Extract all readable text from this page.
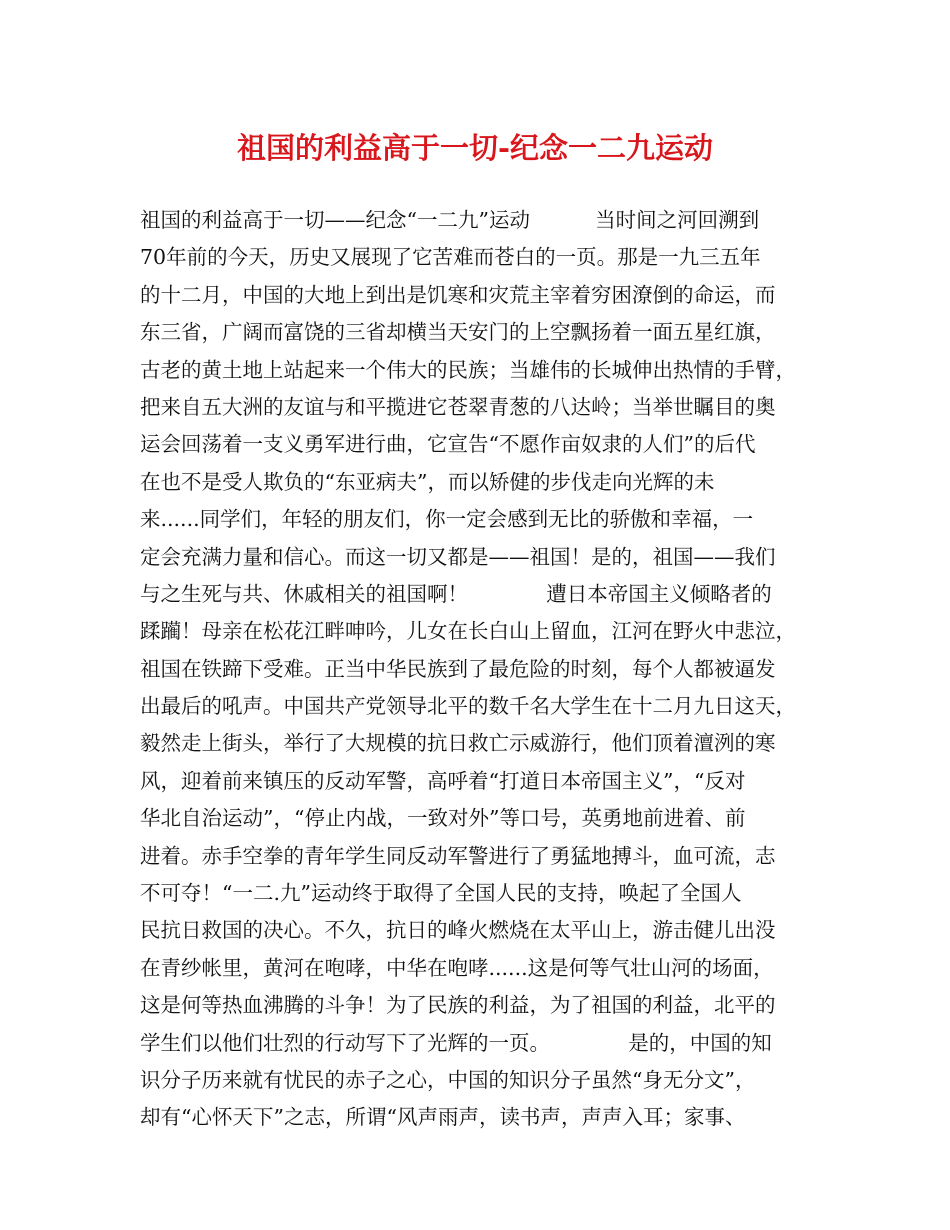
祖国的利益高于一切-纪念一二九运动
祖国的利益高于一切——纪念“一二九”运动          当时间之河回溯到
70年前的今天，历史又展现了它苦难而苍白的一页。那是一九三五年
的十二月，中国的大地上到出是饥寒和灾荒主宰着穷困潦倒的命运，而
东三省，广阔而富饶的三省却横当天安门的上空飘扬着一面五星红旗，
古老的黄土地上站起来一个伟大的民族；当雄伟的长城伸出热情的手臂，
把来自五大洲的友谊与和平揽进它苍翠青葱的八达岭；当举世瞩目的奥
运会回荡着一支义勇军进行曲，它宣告“不愿作亩奴隶的人们”的后代
在也不是受人欺负的“东亚病夫”，而以矫健的步伐走向光辉的未
来......同学们，年轻的朋友们，你一定会感到无比的骄傲和幸福，一
定会充满力量和信心。而这一切又都是——祖国！是的，祖国——我们
与之生死与共、休戚相关的祖国啊！            遭日本帝国主义倾略者的
蹂躏！母亲在松花江畔呻吟，儿女在长白山上留血，江河在野火中悲泣，
祖国在铁蹄下受难。正当中华民族到了最危险的时刻，每个人都被逼发
出最后的吼声。中国共产党领导北平的数千名大学生在十二月九日这天，
毅然走上街头，举行了大规模的抗日救亡示威游行，他们顶着澶洌的寒
风，迎着前来镇压的反动军警，高呼着“打道日本帝国主义”，“反对
华北自治运动”，“停止内战，一致对外”等口号，英勇地前进着、前
进着。赤手空拳的青年学生同反动军警进行了勇猛地搏斗，血可流，志
不可夺！“一二.九”运动终于取得了全国人民的支持，唤起了全国人
民抗日救国的决心。不久，抗日的峰火燃烧在太平山上，游击健儿出没
在青纱帐里，黄河在咆哮，中华在咆哮......这是何等气壮山河的场面，
这是何等热血沸腾的斗争！为了民族的利益，为了祖国的利益，北平的
学生们以他们壮烈的行动写下了光辉的一页。            是的，中国的知
识分子历来就有忧民的赤子之心，中国的知识分子虽然“身无分文”，
却有“心怀天下”之志，所谓“风声雨声，读书声，声声入耳；家事、
